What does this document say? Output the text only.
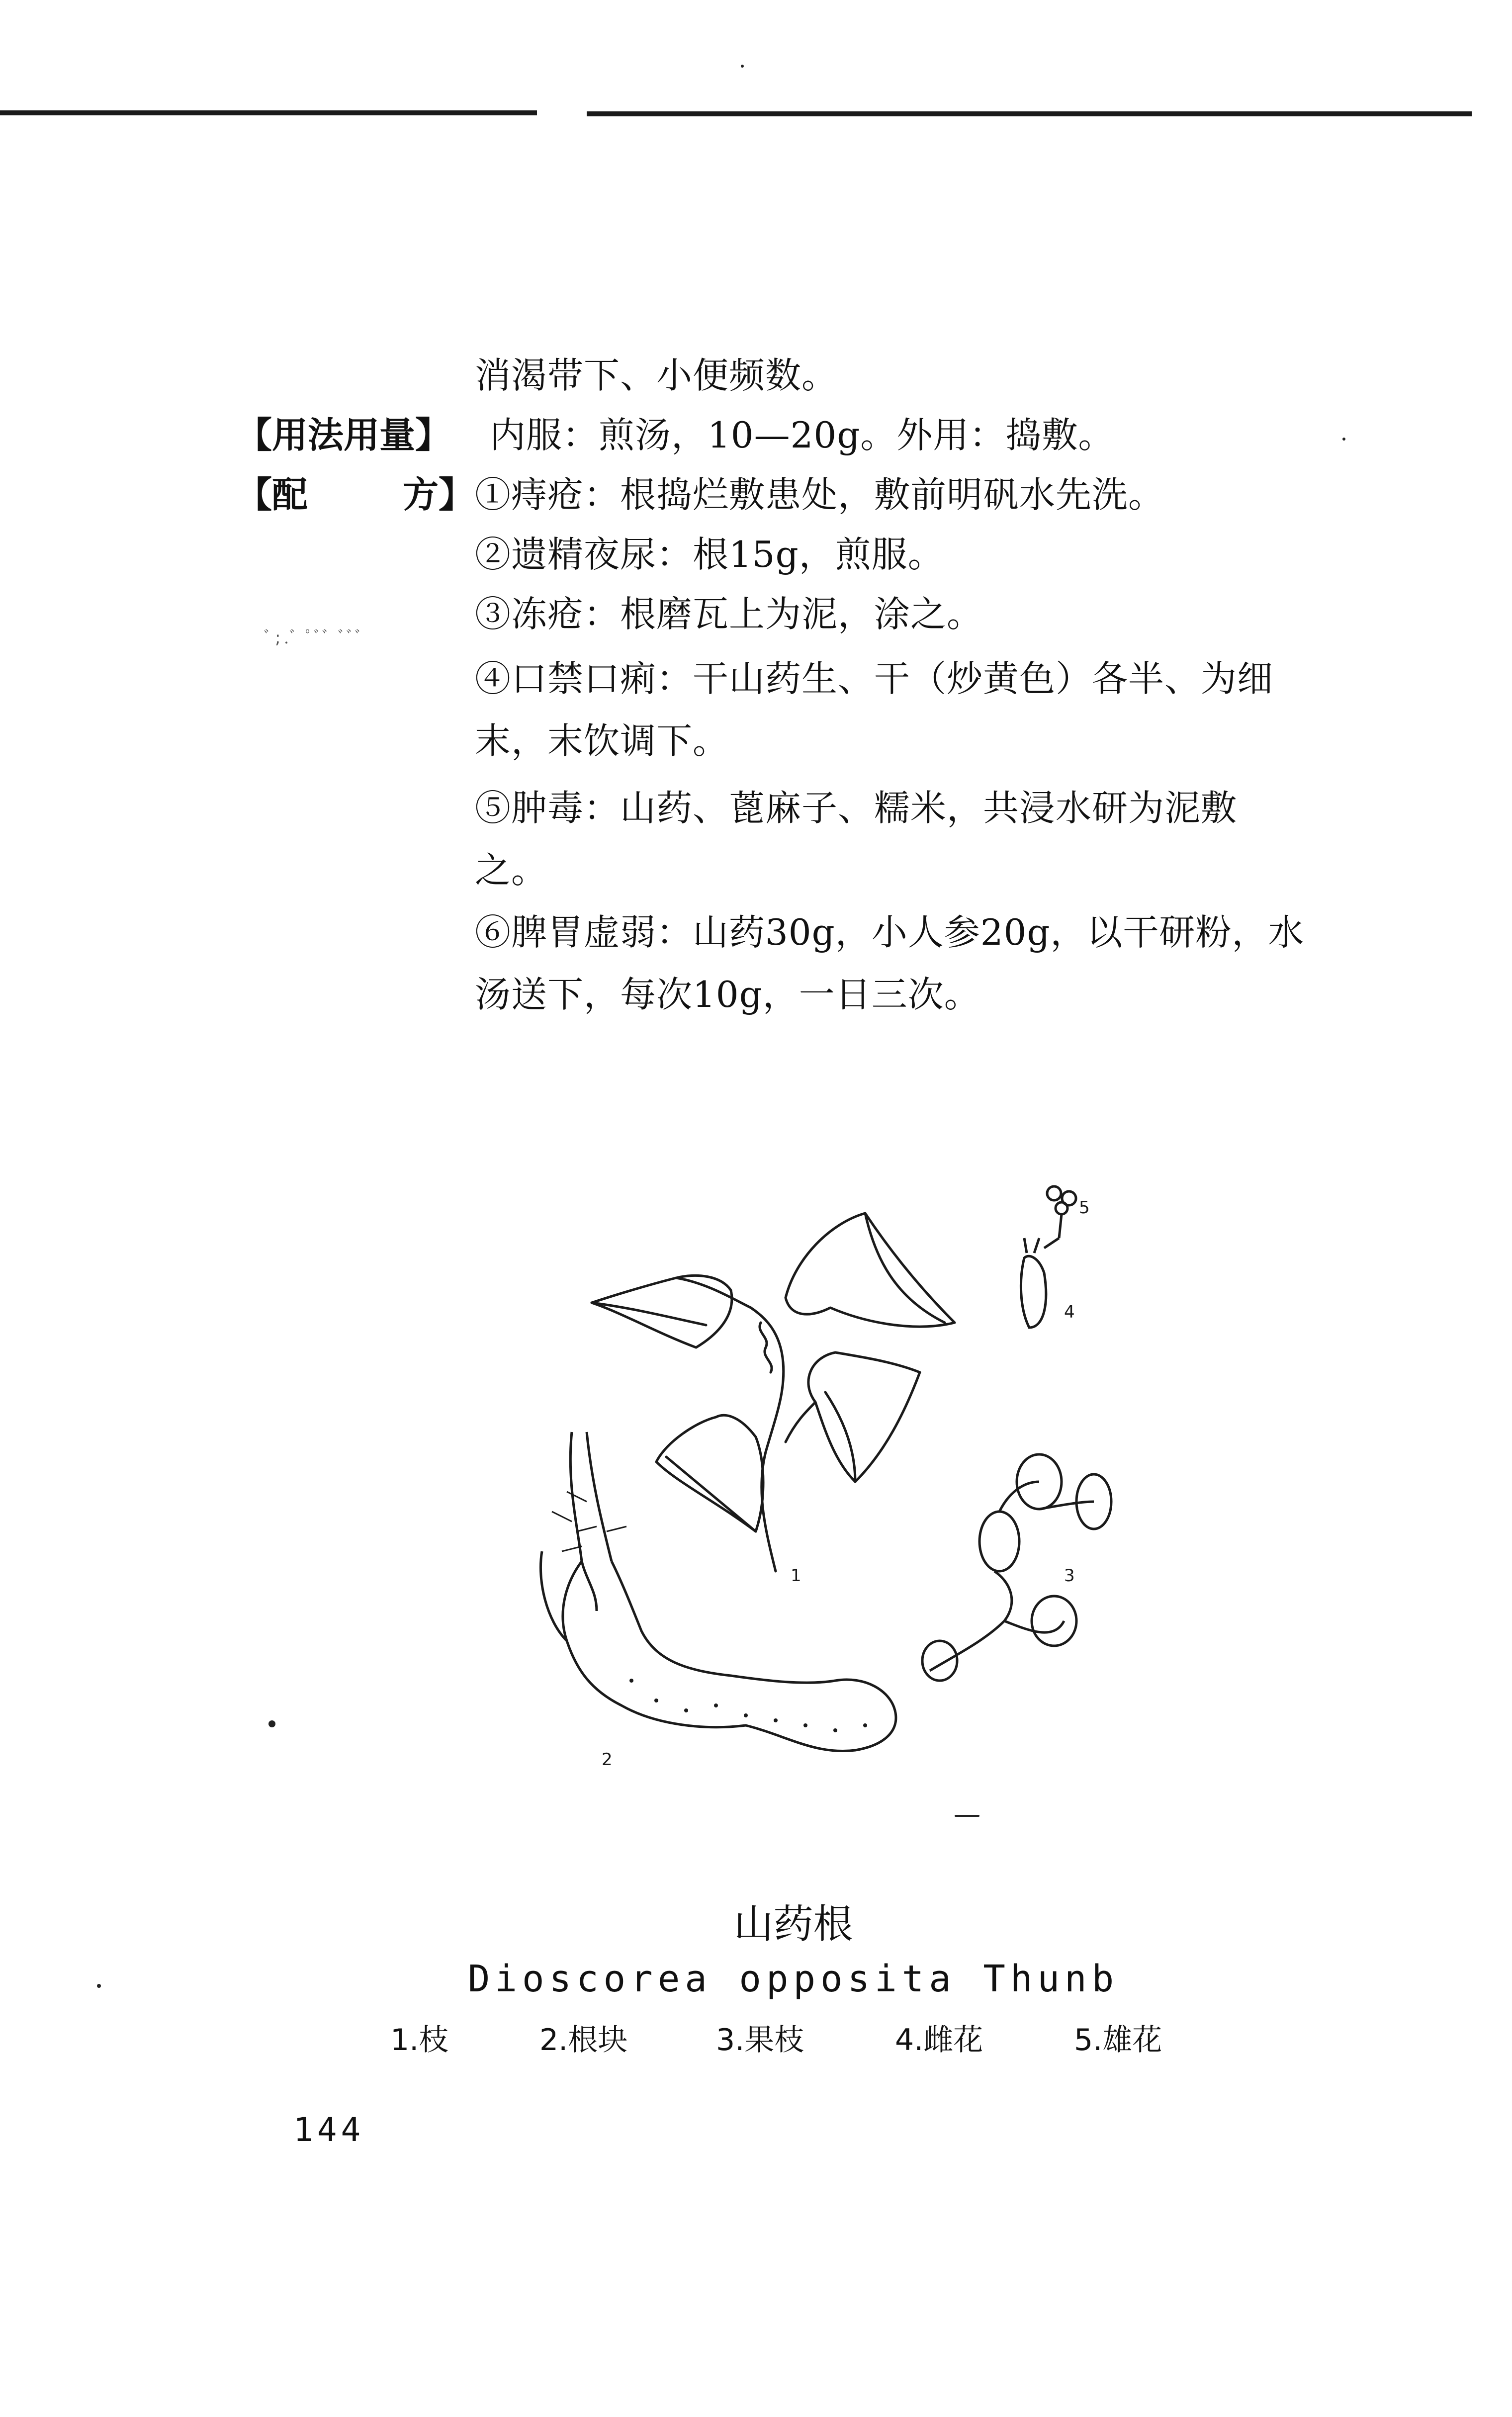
消渴带下、小便频数。
【用法用量】 内服：煎汤，10—20g。外用：捣敷。
【配	方】 ①痔疮：根捣烂敷患处，敷前明矾水先洗。
②遗精夜尿：根15g，煎服。
③冻疮：根磨瓦上为泥，涂之。
ﾞ;.ﾞ ﾟﾞﾞ ﾞﾞﾞ
④口禁口痢：干山药生、干（炒黄色）各半、为细
末，末饮调下。
⑤肿毒：山药、蓖麻子、糯米，共浸水研为泥敷
之。
⑥脾胃虚弱：山药30g，小人参20g，以干研粉，水
汤送下，每次10g，一日三次。
1
2
3
4
5
山药根
Dioscorea opposita Thunb
1.枝	2.根块	3.果枝	4.雌花	5.雄花
144
